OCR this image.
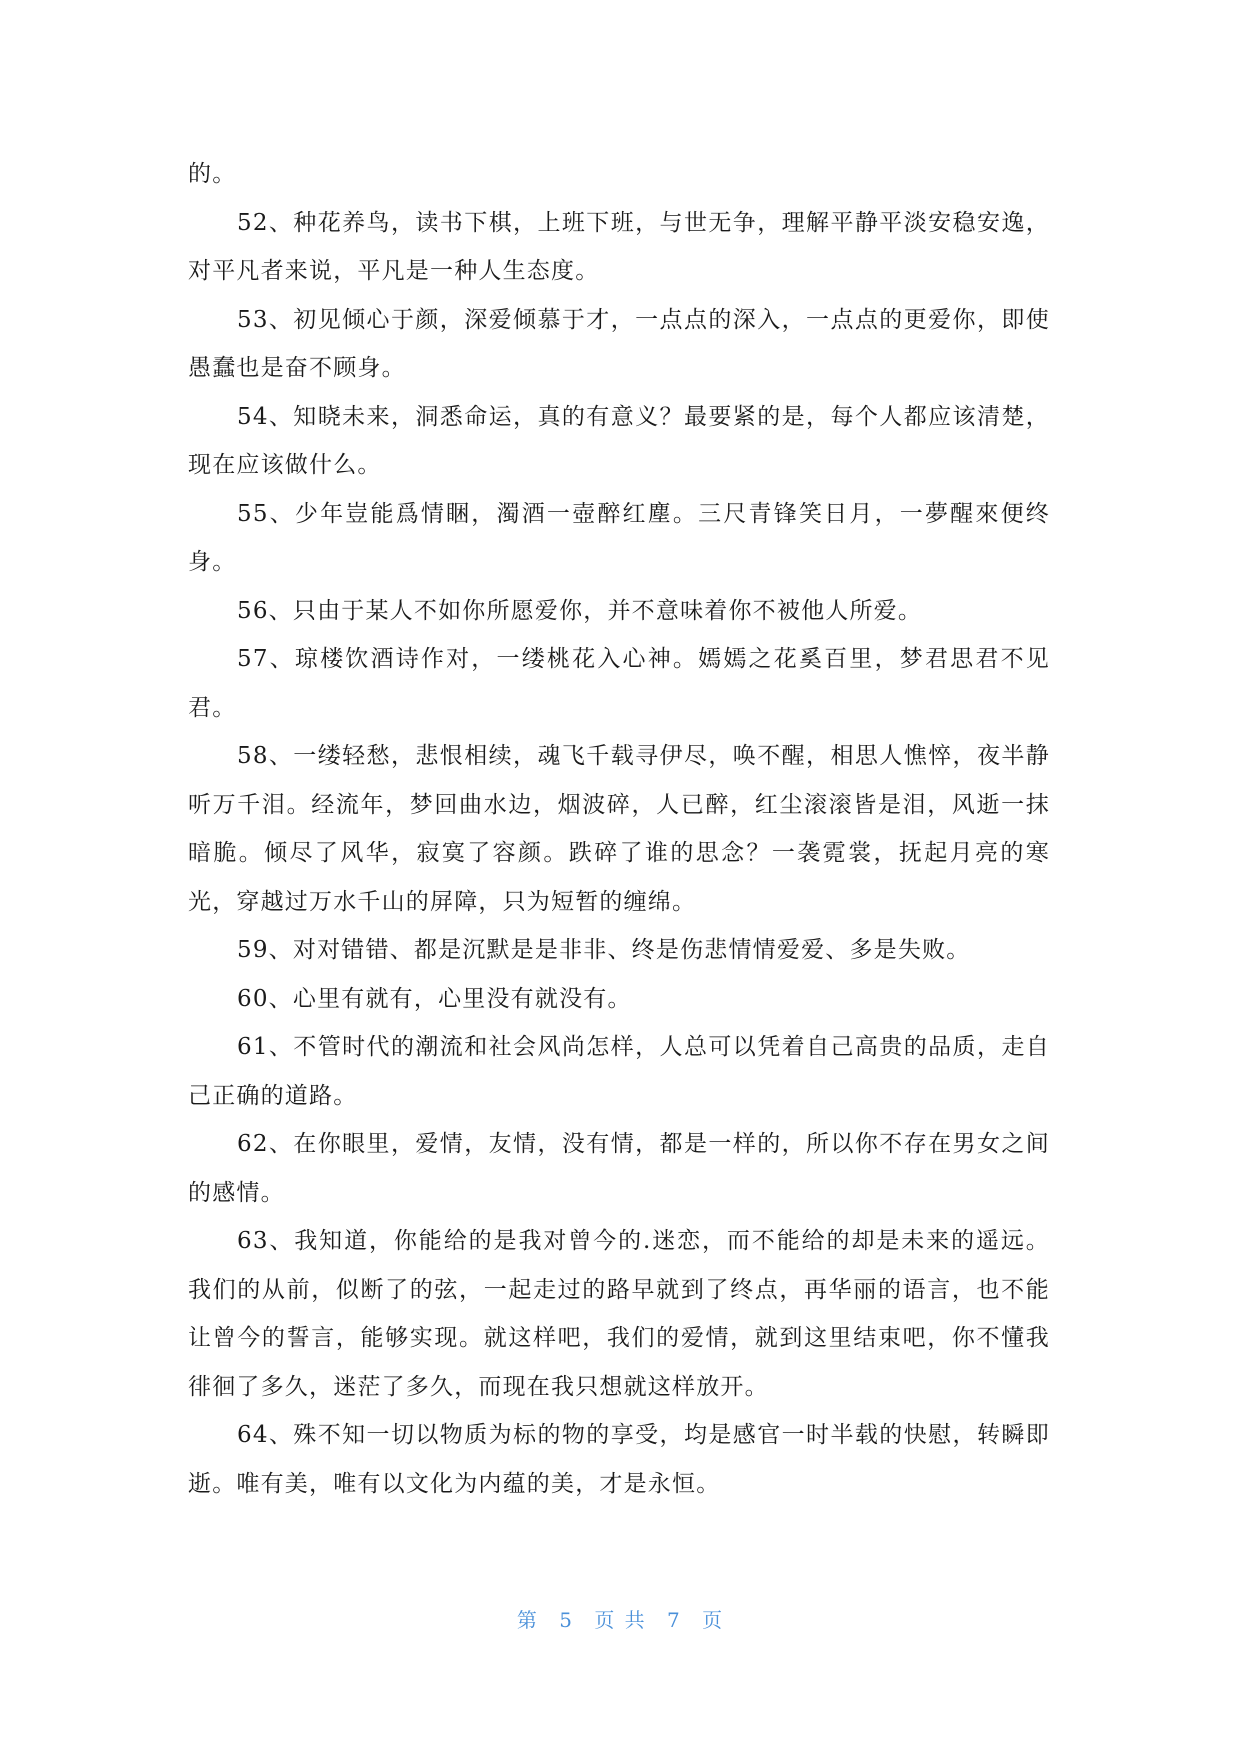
的。

52、种花养鸟，读书下棋，上班下班，与世无争，理解平静平淡安稳安逸，对平凡者来说，平凡是一种人生态度。

53、初见倾心于颜，深爱倾慕于才，一点点的深入，一点点的更爱你，即使愚蠢也是奋不顾身。

54、知晓未来，洞悉命运，真的有意义？最要紧的是，每个人都应该清楚，现在应该做什么。

55、少年豈能爲情睏，濁酒一壺醉红塵。三尺青锋笑日月，一夢醒來便终身。

56、只由于某人不如你所愿爱你，并不意味着你不被他人所爱。

57、琼楼饮酒诗作对，一缕桃花入心神。嫣嫣之花奚百里，梦君思君不见君。

58、一缕轻愁，悲恨相续，魂飞千载寻伊尽，唤不醒，相思人憔悴，夜半静听万千泪。经流年，梦回曲水边，烟波碎，人已醉，红尘滚滚皆是泪，风逝一抹暗脆。倾尽了风华，寂寞了容颜。跌碎了谁的思念？一袭霓裳，抚起月亮的寒光，穿越过万水千山的屏障，只为短暂的缠绵。

59、对对错错、都是沉默是是非非、终是伤悲情情爱爱、多是失败。

60、心里有就有，心里没有就没有。

61、不管时代的潮流和社会风尚怎样，人总可以凭着自己高贵的品质，走自己正确的道路。

62、在你眼里，爱情，友情，没有情，都是一样的，所以你不存在男女之间的感情。

63、我知道，你能给的是我对曾今的.迷恋，而不能给的却是未来的遥远。我们的从前，似断了的弦，一起走过的路早就到了终点，再华丽的语言，也不能让曾今的誓言，能够实现。就这样吧，我们的爱情，就到这里结束吧，你不懂我徘徊了多久，迷茫了多久，而现在我只想就这样放开。

64、殊不知一切以物质为标的物的享受，均是感官一时半载的快慰，转瞬即逝。唯有美，唯有以文化为内蕴的美，才是永恒。

第 5 页 共 7 页
